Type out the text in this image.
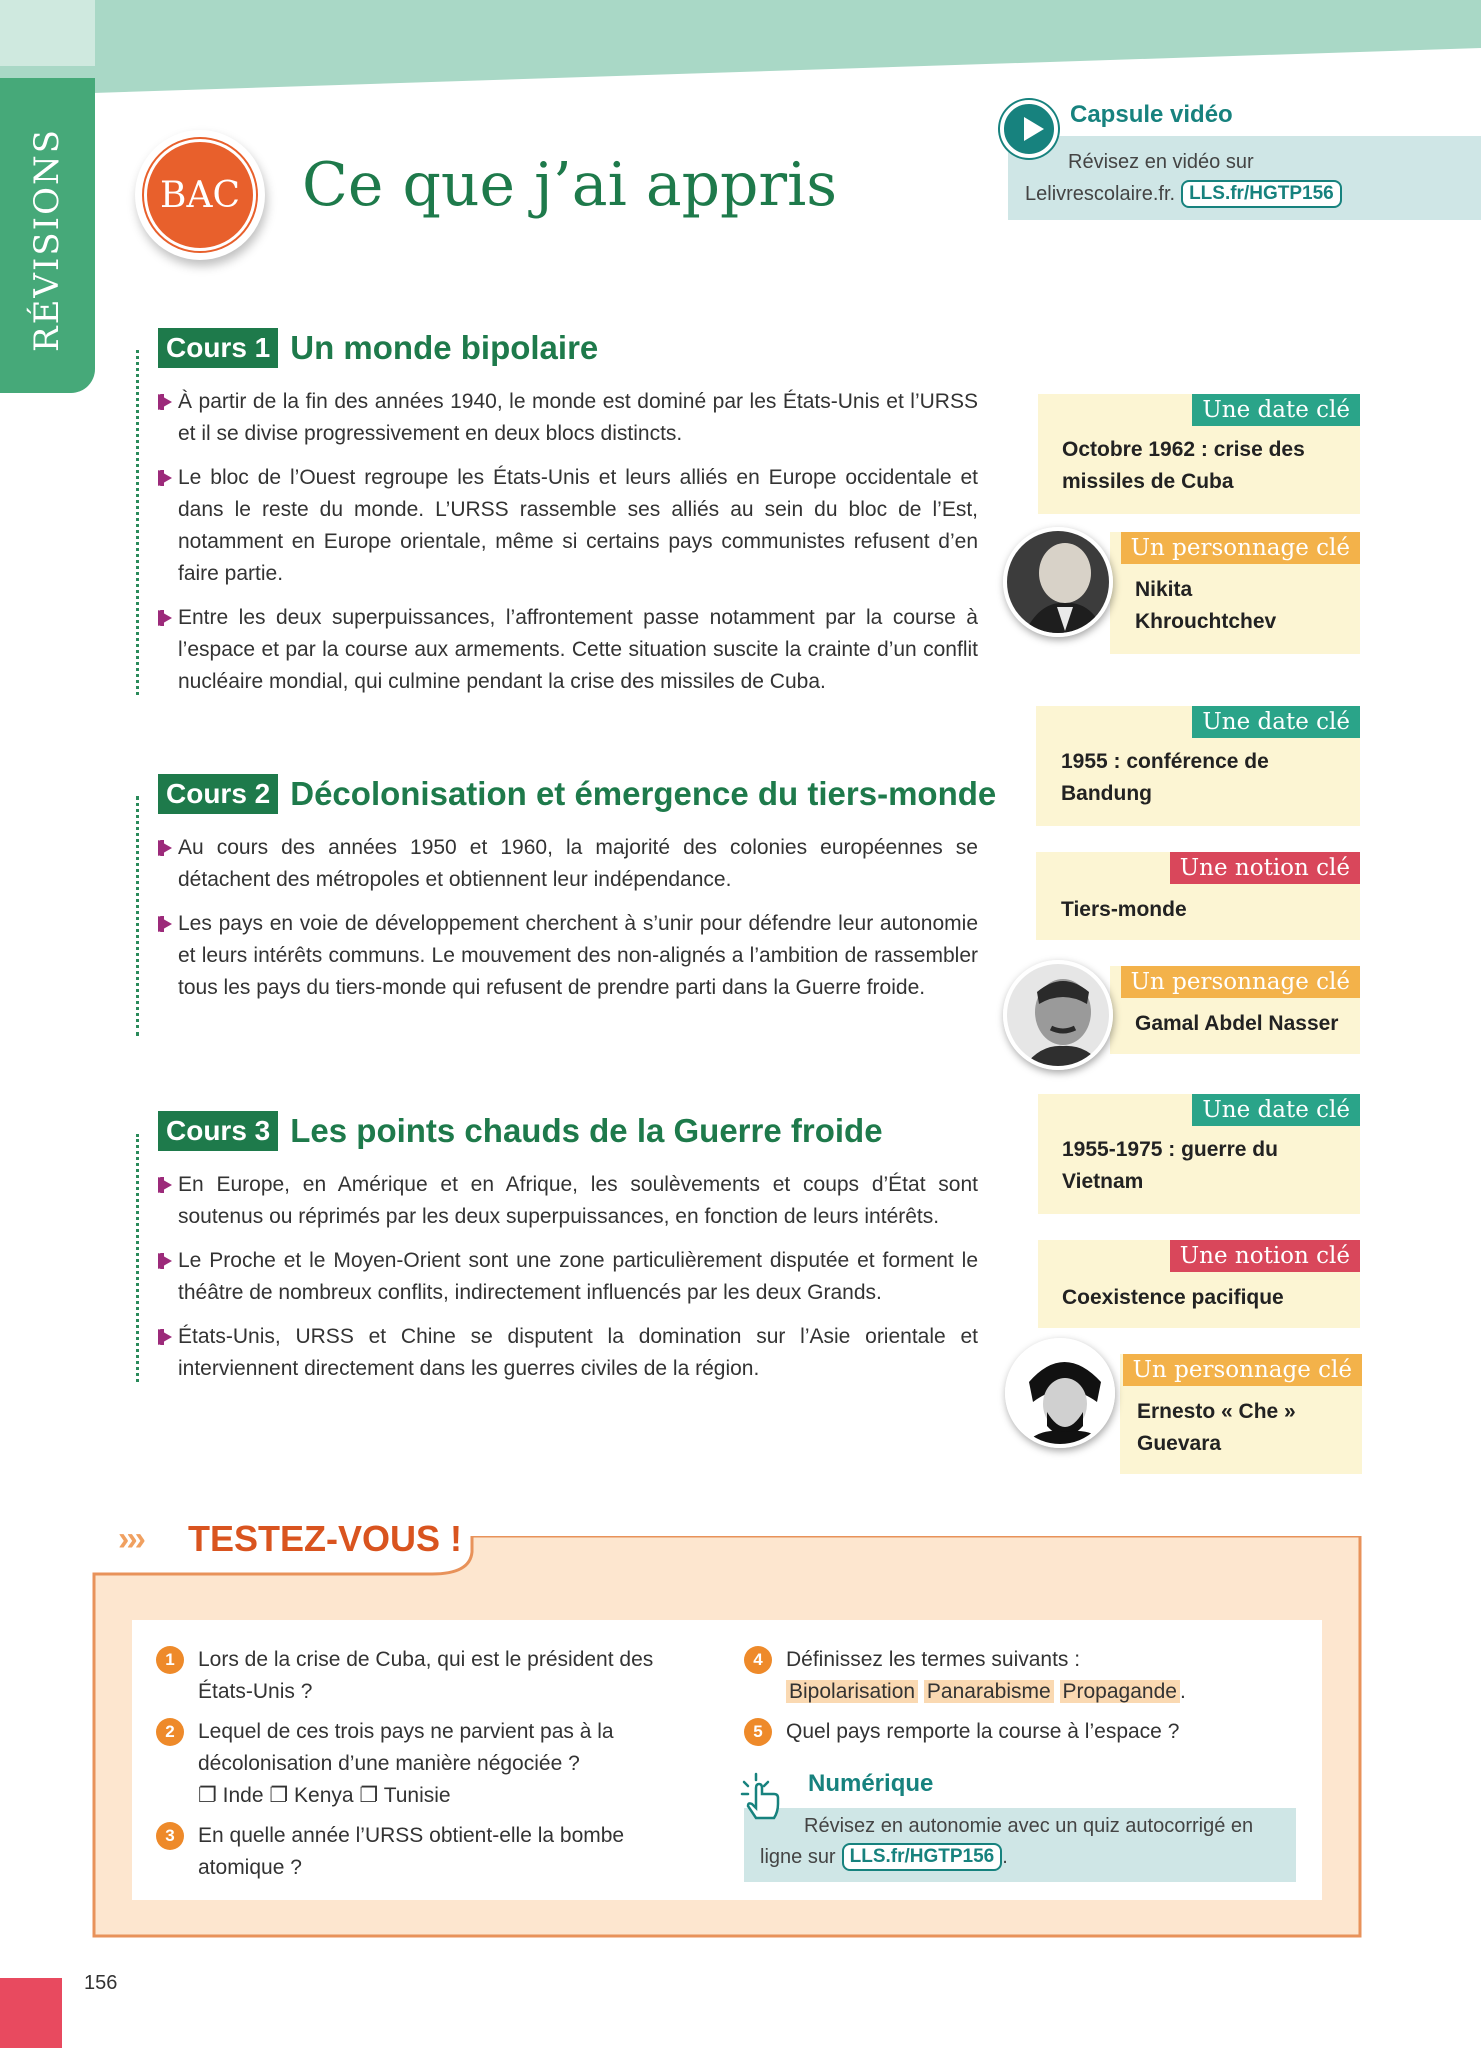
RÉVISIONS	BAC Ce que j’ai appris
Capsule vidéo
Révisez en vidéo sur
Lelivrescolaire.fr. LLS.fr/HGTP156
Cours 1 Un monde bipolaire

À partir de la fin des années 1940, le monde est dominé par les États-Unis et l’URSS et il se divise progressivement en deux blocs distincts.

Le bloc de l’Ouest regroupe les États-Unis et leurs alliés en Europe occidentale et dans le reste du monde. L’URSS rassemble ses alliés au sein du bloc de l’Est, notamment en Europe orientale, même si certains pays communistes refusent d’en faire partie.

Entre les deux superpuissances, l’affrontement passe notamment par la course à l’espace et par la course aux armements. Cette situation suscite la crainte d’un conflit nucléaire mondial, qui culmine pendant la crise des missiles de Cuba.

Cours 2 Décolonisation et émergence du tiers-monde

Au cours des années 1950 et 1960, la majorité des colonies européennes se détachent des métropoles et obtiennent leur indépendance.

Les pays en voie de développement cherchent à s’unir pour défendre leur autonomie et leurs intérêts communs. Le mouvement des non-alignés a l’ambition de rassembler tous les pays du tiers-monde qui refusent de prendre parti dans la Guerre froide.

Cours 3 Les points chauds de la Guerre froide

En Europe, en Amérique et en Afrique, les soulèvements et coups d’État sont soutenus ou réprimés par les deux superpuissances, en fonction de leurs intérêts.

Le Proche et le Moyen-Orient sont une zone particulièrement disputée et forment le théâtre de nombreux conflits, indirectement influencés par les deux Grands.

États-Unis, URSS et Chine se disputent la domination sur l’Asie orientale et interviennent directement dans les guerres civiles de la région.

Une date clé
Octobre 1962 : crise des missiles de Cuba
Un personnage clé
Nikita Khrouchtchev
Une date clé
1955 : conférence de Bandung
Une notion clé
Tiers-monde
Un personnage clé
Gamal Abdel Nasser
Une date clé
1955-1975 : guerre du Vietnam
Une notion clé
Coexistence pacifique
Un personnage clé
Ernesto « Che » Guevara
››› TESTEZ-VOUS !
1	Lors de la crise de Cuba, qui est le président des États-Unis ?
2	Lequel de ces trois pays ne parvient pas à la décolonisation d’une manière négociée ?
❐ Inde ❐ Kenya ❐ Tunisie
3	En quelle année l’URSS obtient-elle la bombe atomique ?
4	Définissez les termes suivants :
Bipolarisation Panarabisme Propagande .
5	Quel pays remporte la course à l’espace ?
Numérique
Révisez en autonomie avec un quiz autocorrigé en
ligne sur LLS.fr/HGTP156 .
156
